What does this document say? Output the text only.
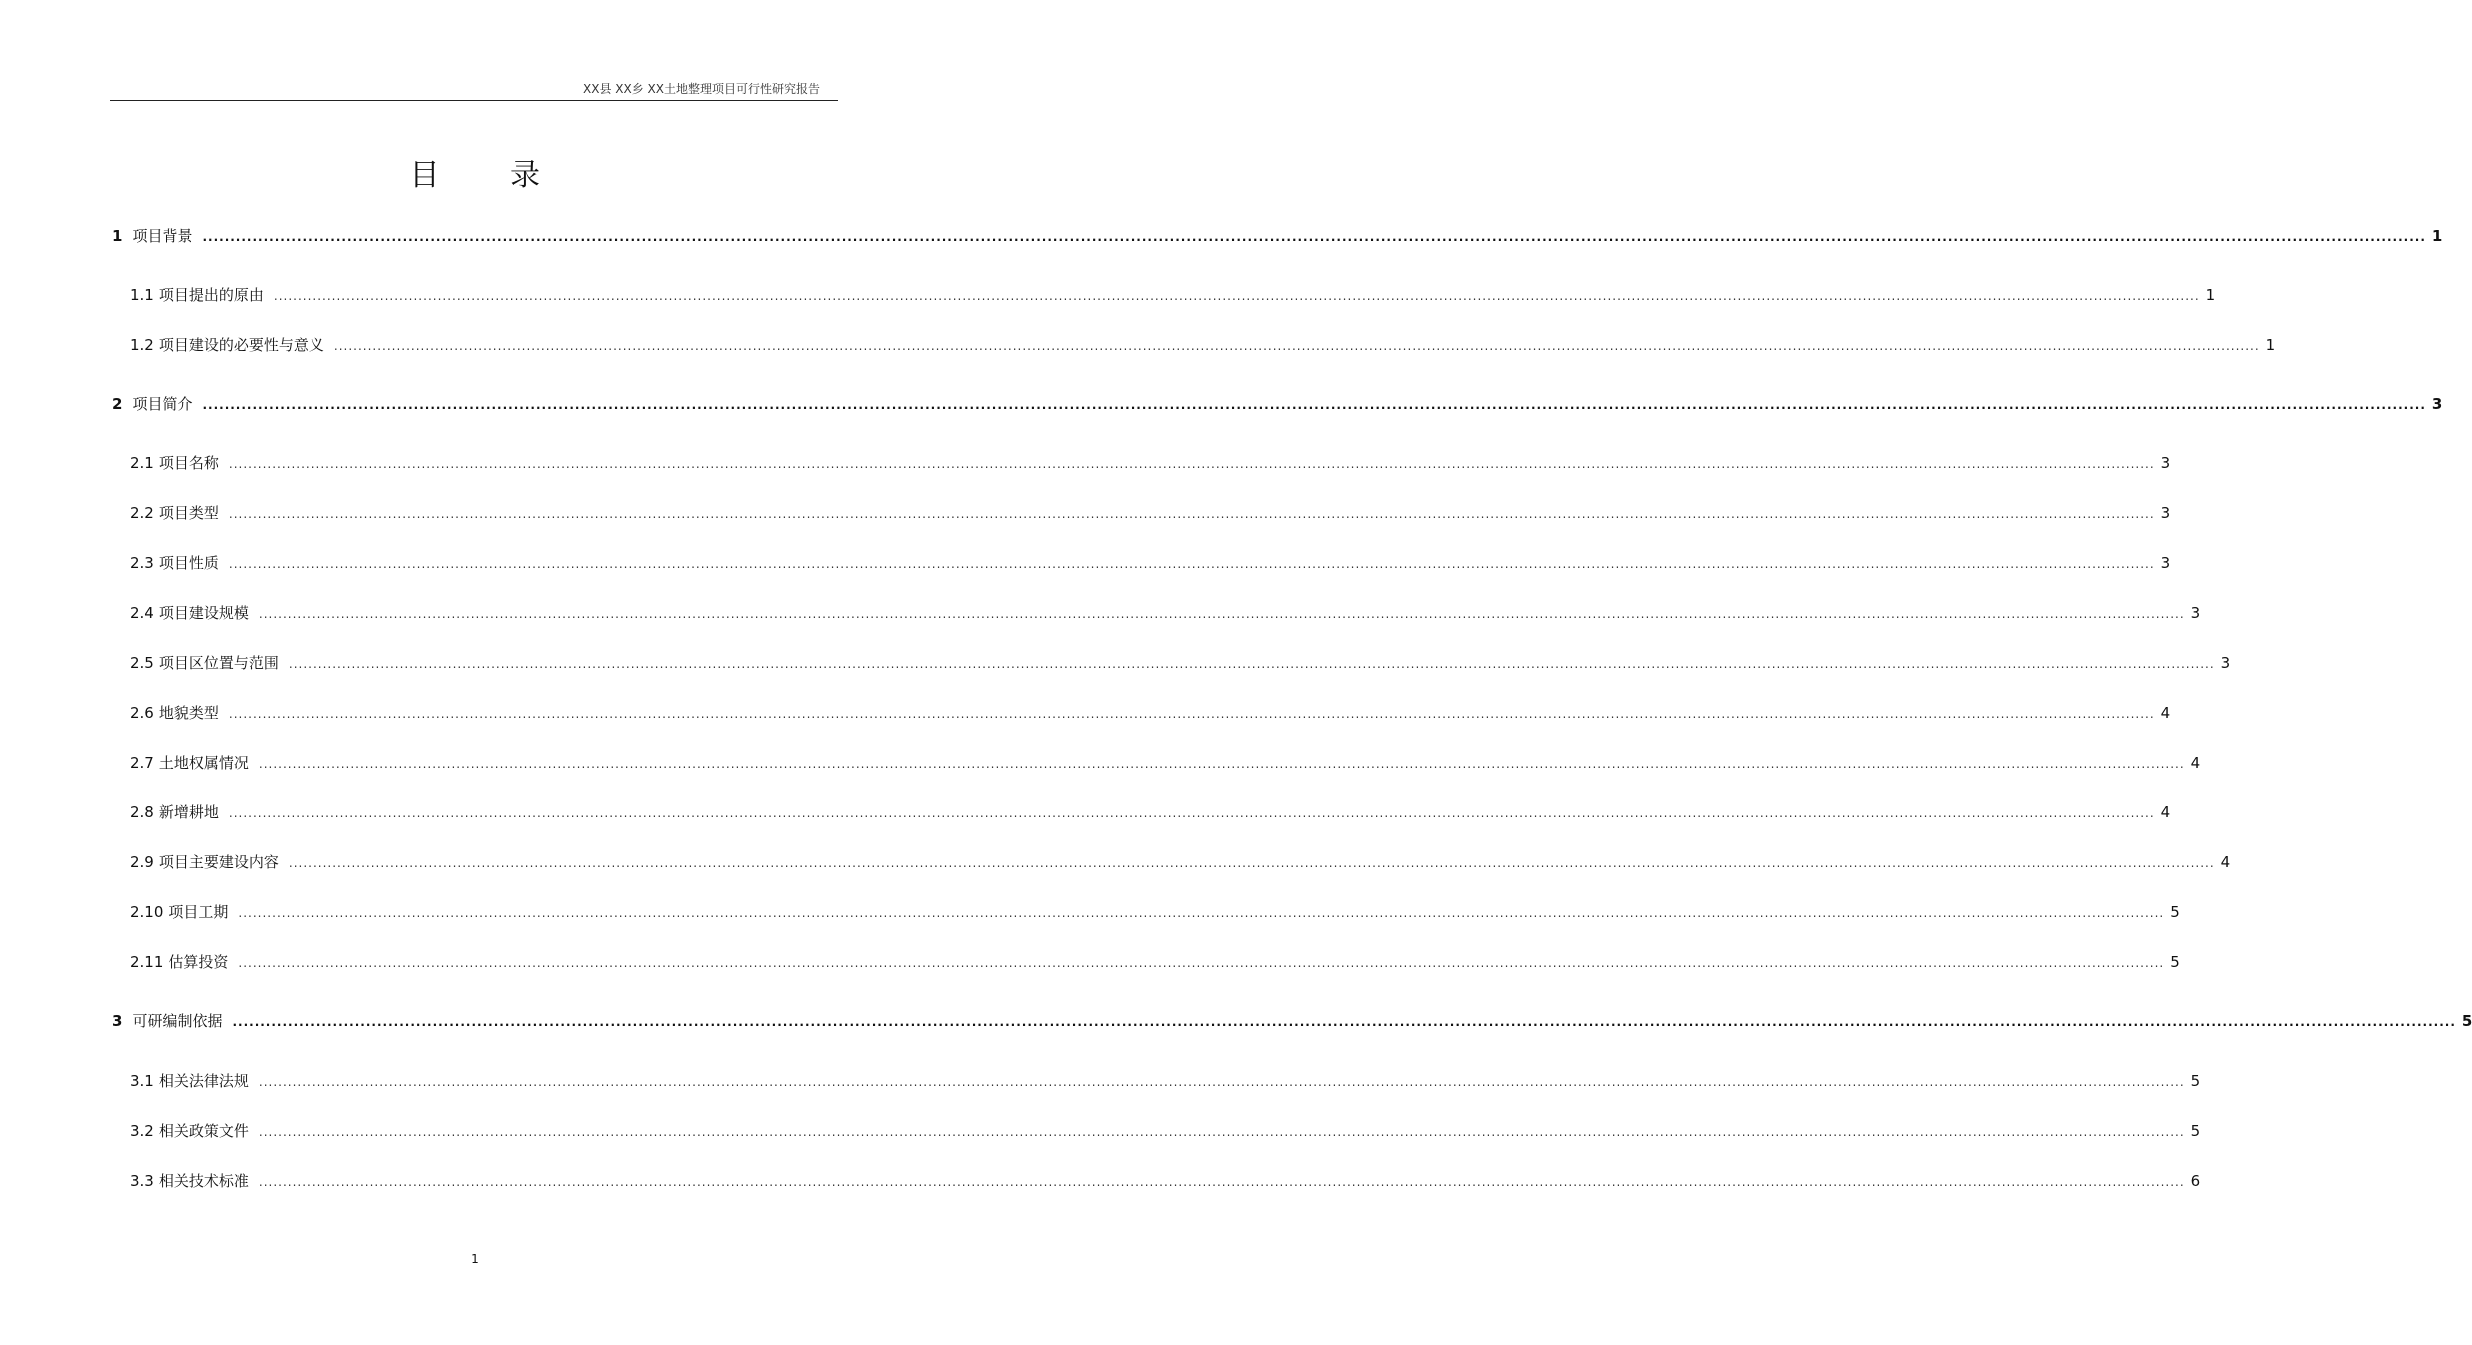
XX县 XX乡 XX土地整理项目可行性研究报告
目 录
1 项目背景 ................................................................................................................................................................................................................................................................................................................................................................................................................ 1
1.1 项目提出的原由 ................................................................................................................................................................................................................................................................................................................................................................................................................ 1
1.2 项目建设的必要性与意义 ................................................................................................................................................................................................................................................................................................................................................................................................................ 1
2 项目简介 ................................................................................................................................................................................................................................................................................................................................................................................................................ 3
2.1 项目名称 ................................................................................................................................................................................................................................................................................................................................................................................................................ 3
2.2 项目类型 ................................................................................................................................................................................................................................................................................................................................................................................................................ 3
2.3 项目性质 ................................................................................................................................................................................................................................................................................................................................................................................................................ 3
2.4 项目建设规模 ................................................................................................................................................................................................................................................................................................................................................................................................................ 3
2.5 项目区位置与范围 ................................................................................................................................................................................................................................................................................................................................................................................................................ 3
2.6 地貌类型 ................................................................................................................................................................................................................................................................................................................................................................................................................ 4
2.7 土地权属情况 ................................................................................................................................................................................................................................................................................................................................................................................................................ 4
2.8 新增耕地 ................................................................................................................................................................................................................................................................................................................................................................................................................ 4
2.9 项目主要建设内容 ................................................................................................................................................................................................................................................................................................................................................................................................................ 4
2.10 项目工期 ................................................................................................................................................................................................................................................................................................................................................................................................................ 5
2.11 估算投资 ................................................................................................................................................................................................................................................................................................................................................................................................................ 5
3 可研编制依据 ................................................................................................................................................................................................................................................................................................................................................................................................................ 5
3.1 相关法律法规 ................................................................................................................................................................................................................................................................................................................................................................................................................ 5
3.2 相关政策文件 ................................................................................................................................................................................................................................................................................................................................................................................................................ 5
3.3 相关技术标准 ................................................................................................................................................................................................................................................................................................................................................................................................................ 6
1
